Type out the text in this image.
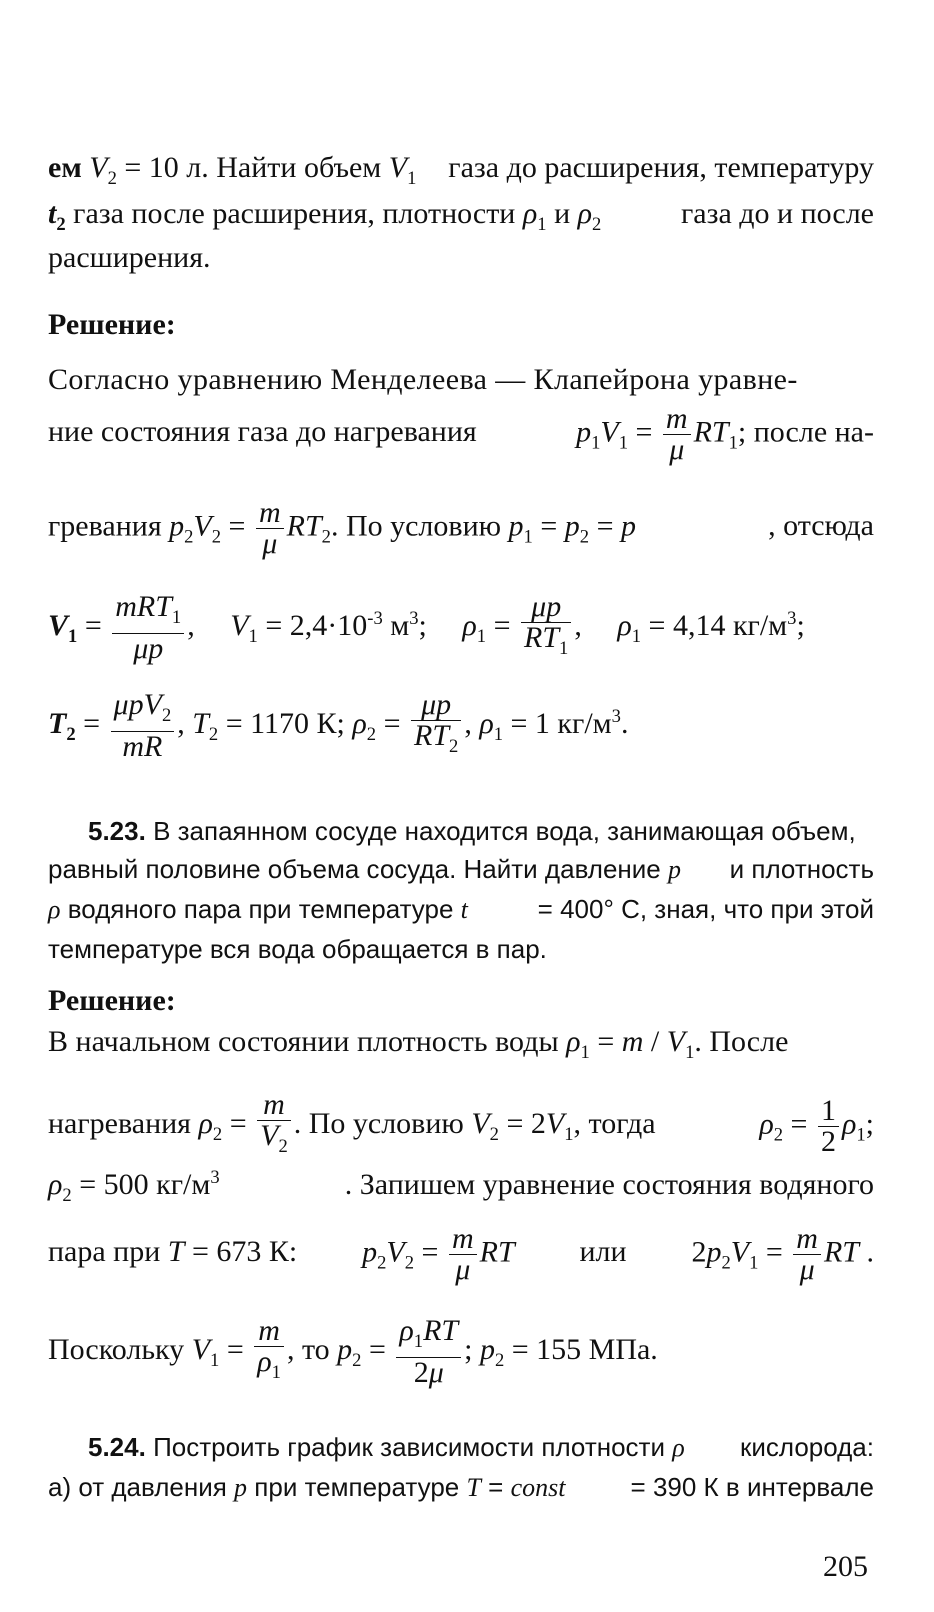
ем $V_2 = 10$ л. Найти объем $V_1$ газа до расширения, температуру
$t_2$ газа после расширения, плотности $\rho_1$ и $\rho_2$	газа до и после
расширения.
Решение:
Согласно уравнению Менделеева — Клапейрона уравне-
ние состояния газа до нагревания	$p_1V_1 = \frac{m}{\mu} RT_1$; после на-
гревания $p_2V_2 = \frac{m}{\mu} RT_2$. По условию $p_1 = p_2 = p$	, отсюда
$V_1$ =
mRT$_1$
μp
, $V_1 = 2,4\cdot 10^{-3}$ $м^3$; $\rho_1 = \frac{\mu p}{RT_1}$ , $\rho_1 = 4,14$ $кг/м^3$;
$T_2$ =
μpV$_2$
mR
, $T_2 = 1170$ К; $\rho_2 = \frac{\mu p}{RT_2}$ , $\rho_1 = 1$ $кг/м^3$.
5.23. В запаянном сосуде находится вода, занимающая объем,
равный половине объема сосуда. Найти давление p и плотность
ρ водяного пара при температуре t	= 400° С, зная, что при этой
температуре вся вода обращается в пар.
Решение:
В начальном состоянии плотность воды $\rho_1 = m / V_1$. После
нагревания $\rho_2 = \frac{m}{V_2}$ . По условию $V_2 = 2V_1$, тогда	$\rho_2 = \frac{1}{2} \rho_1$;
$\rho_2 = 500$ $кг/м^3$	. Запишем уравнение состояния водяного
пара при T = 673 К: $p_2V_2 = \frac{m}{\mu}$ RT или $2p_2V_1 = \frac{m}{\mu}$ RT .
Поскольку $V_1 = \frac{m}{\rho_1}$ , то $p_2 = \frac{\rho_1RT}{2\mu}$ ; $p_2 = 155$ МПа.
5.24. Построить график зависимости плотности ρ кислорода:
а) от давления p при температуре T = const	= 390 К в интервале
205
